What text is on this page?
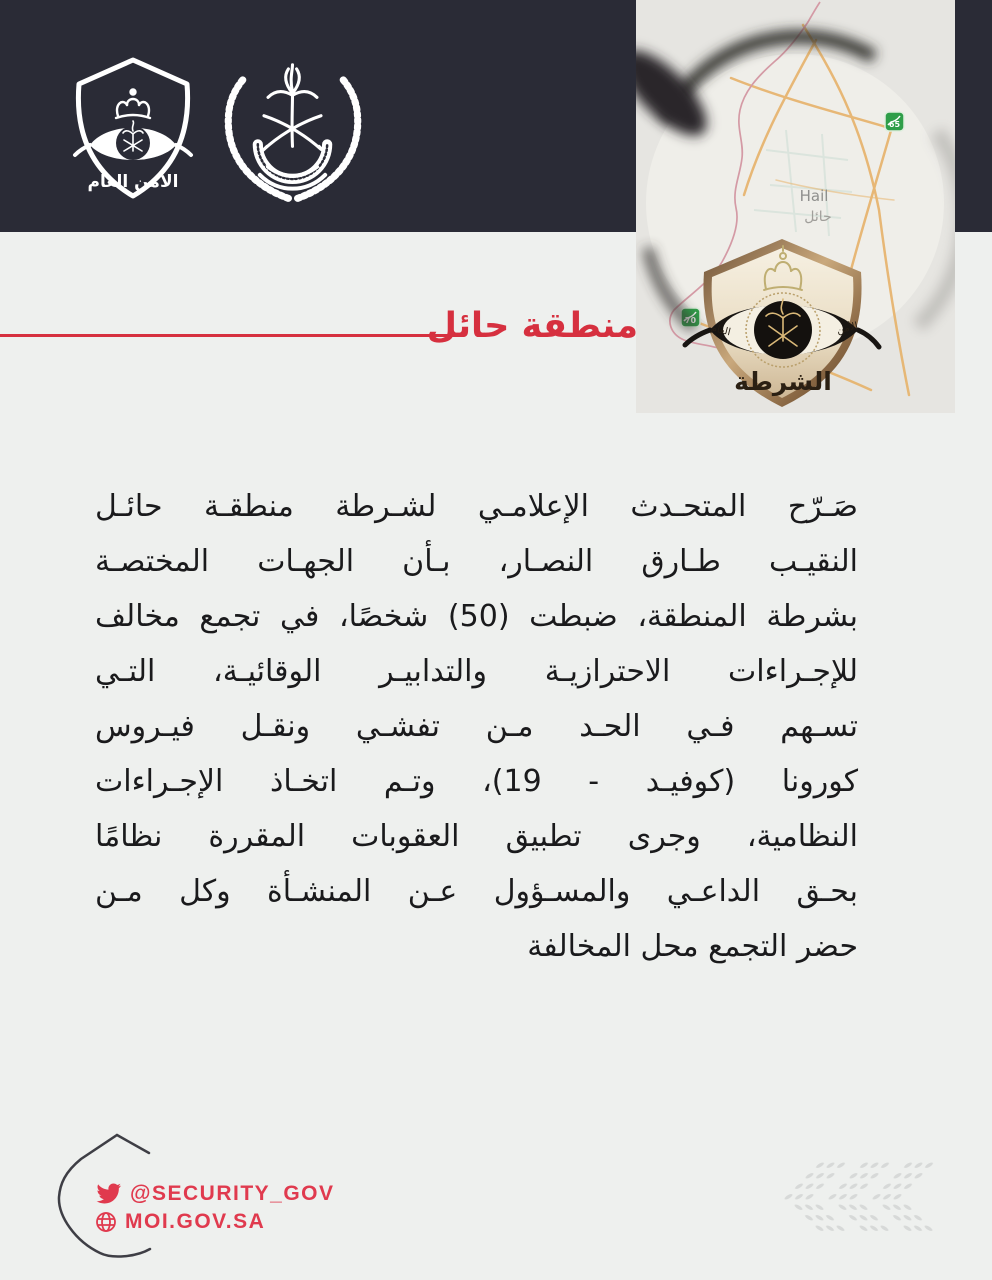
الأمن العام
65
70
Hail
حائل
الأمن
العام
الشرطة
منطقة حائل
صَـرّح المتحـدث الإعلامـي لشـرطة منطقـة حائـل
النقيـب طـارق النصـار، بـأن الجهـات المختصـة
بشرطة المنطقة، ضبطت (50) شخصًا، في تجمع مخالف
للإجـراءات الاحترازيـة والتدابيـر الوقائيـة، التـي
تسـهم فـي الحـد مـن تفشـي ونقـل فيـروس
كورونا (كوفيـد - 19)، وتـم اتخـاذ الإجـراءات
النظامية، وجرى تطبيق العقوبات المقررة نظامًا
بحـق الداعـي والمسـؤول عـن المنشـأة وكل مـن
حضر التجمع محل المخالفة
@SECURITY_GOV
MOI.GOV.SA
